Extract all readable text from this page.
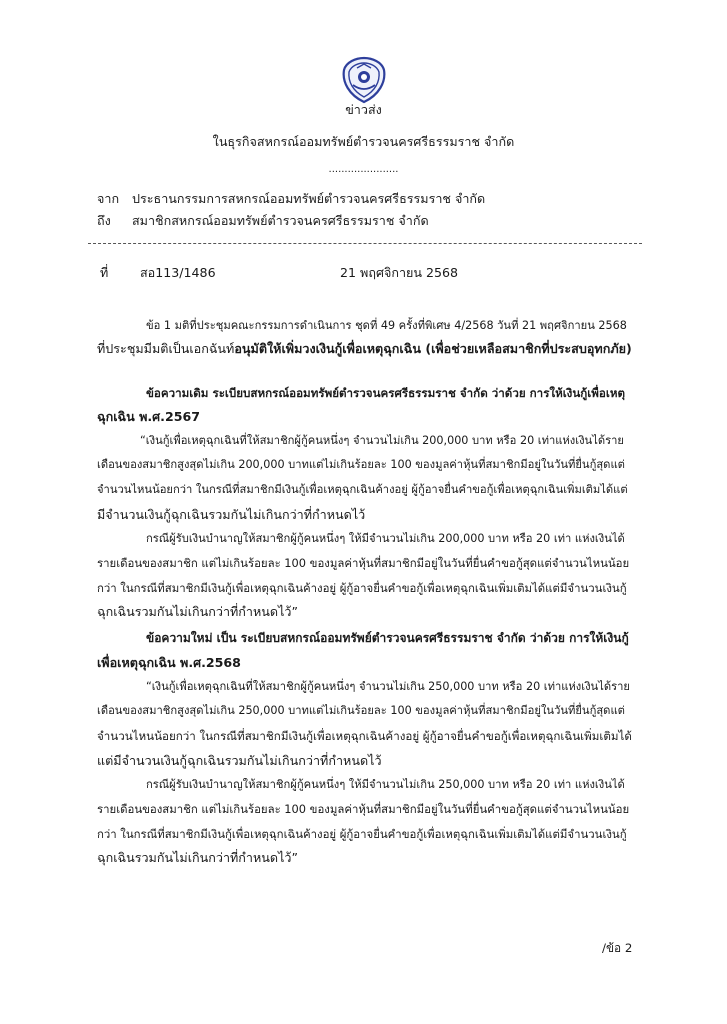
ข่าวส่ง
ในธุรกิจสหกรณ์ออมทรัพย์ตำรวจนครศรีธรรมราช จำกัด
......................
จาก ประธานกรรมการสหกรณ์ออมทรัพย์ตำรวจนครศรีธรรมราช จำกัด
ถึง สมาชิกสหกรณ์ออมทรัพย์ตำรวจนครศรีธรรมราช จำกัด
ที่	สอ113/1486	21 พฤศจิกายน 2568
ข้อ 1 มติที่ประชุมคณะกรรมการดำเนินการ ชุดที่ 49 ครั้งที่พิเศษ 4/2568 วันที่ 21 พฤศจิกายน 2568
ที่ประชุมมีมติเป็นเอกฉันท์อนุมัติให้เพิ่มวงเงินกู้เพื่อเหตุฉุกเฉิน (เพื่อช่วยเหลือสมาชิกที่ประสบอุทกภัย)
ข้อความเดิม ระเบียบสหกรณ์ออมทรัพย์ตำรวจนครศรีธรรมราช จำกัด ว่าด้วย การให้เงินกู้เพื่อเหตุ
ฉุกเฉิน พ.ศ.2567
“เงินกู้เพื่อเหตุฉุกเฉินที่ให้สมาชิกผู้กู้คนหนึ่งๆ จำนวนไม่เกิน 200,000 บาท หรือ 20 เท่าแห่งเงินได้ราย
เดือนของสมาชิกสูงสุดไม่เกิน 200,000 บาทแต่ไม่เกินร้อยละ 100 ของมูลค่าหุ้นที่สมาชิกมีอยู่ในวันที่ยื่นกู้สุดแต่
จำนวนไหนน้อยกว่า ในกรณีที่สมาชิกมีเงินกู้เพื่อเหตุฉุกเฉินค้างอยู่ ผู้กู้อาจยื่นคำขอกู้เพื่อเหตุฉุกเฉินเพิ่มเติมได้แต่
มีจำนวนเงินกู้ฉุกเฉินรวมกันไม่เกินกว่าที่กำหนดไว้
กรณีผู้รับเงินบำนาญให้สมาชิกผู้กู้คนหนึ่งๆ ให้มีจำนวนไม่เกิน 200,000 บาท หรือ 20 เท่า แห่งเงินได้
รายเดือนของสมาชิก แต่ไม่เกินร้อยละ 100 ของมูลค่าหุ้นที่สมาชิกมีอยู่ในวันที่ยื่นคำขอกู้สุดแต่จำนวนไหนน้อย
กว่า ในกรณีที่สมาชิกมีเงินกู้เพื่อเหตุฉุกเฉินค้างอยู่ ผู้กู้อาจยื่นคำขอกู้เพื่อเหตุฉุกเฉินเพิ่มเติมได้แต่มีจำนวนเงินกู้
ฉุกเฉินรวมกันไม่เกินกว่าที่กำหนดไว้”
ข้อความใหม่ เป็น ระเบียบสหกรณ์ออมทรัพย์ตำรวจนครศรีธรรมราช จำกัด ว่าด้วย การให้เงินกู้
เพื่อเหตุฉุกเฉิน พ.ศ.2568
“เงินกู้เพื่อเหตุฉุกเฉินที่ให้สมาชิกผู้กู้คนหนึ่งๆ จำนวนไม่เกิน 250,000 บาท หรือ 20 เท่าแห่งเงินได้ราย
เดือนของสมาชิกสูงสุดไม่เกิน 250,000 บาทแต่ไม่เกินร้อยละ 100 ของมูลค่าหุ้นที่สมาชิกมีอยู่ในวันที่ยื่นกู้สุดแต่
จำนวนไหนน้อยกว่า ในกรณีที่สมาชิกมีเงินกู้เพื่อเหตุฉุกเฉินค้างอยู่ ผู้กู้อาจยื่นคำขอกู้เพื่อเหตุฉุกเฉินเพิ่มเติมได้
แต่มีจำนวนเงินกู้ฉุกเฉินรวมกันไม่เกินกว่าที่กำหนดไว้
กรณีผู้รับเงินบำนาญให้สมาชิกผู้กู้คนหนึ่งๆ ให้มีจำนวนไม่เกิน 250,000 บาท หรือ 20 เท่า แห่งเงินได้
รายเดือนของสมาชิก แต่ไม่เกินร้อยละ 100 ของมูลค่าหุ้นที่สมาชิกมีอยู่ในวันที่ยื่นคำขอกู้สุดแต่จำนวนไหนน้อย
กว่า ในกรณีที่สมาชิกมีเงินกู้เพื่อเหตุฉุกเฉินค้างอยู่ ผู้กู้อาจยื่นคำขอกู้เพื่อเหตุฉุกเฉินเพิ่มเติมได้แต่มีจำนวนเงินกู้
ฉุกเฉินรวมกันไม่เกินกว่าที่กำหนดไว้”
/ข้อ 2
